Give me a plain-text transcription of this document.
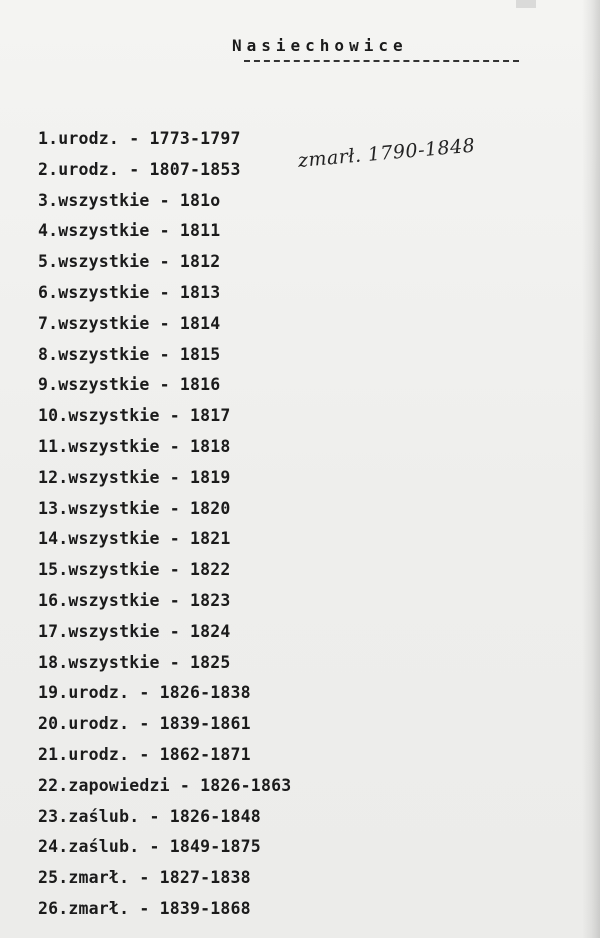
Nasiechowice
1.urodz. - 1773-1797
2.urodz. - 1807-1853
3.wszystkie - 181o
4.wszystkie - 1811
5.wszystkie - 1812
6.wszystkie - 1813
7.wszystkie - 1814
8.wszystkie - 1815
9.wszystkie - 1816
10.wszystkie - 1817
11.wszystkie - 1818
12.wszystkie - 1819
13.wszystkie - 1820
14.wszystkie - 1821
15.wszystkie - 1822
16.wszystkie - 1823
17.wszystkie - 1824
18.wszystkie - 1825
19.urodz. - 1826-1838
20.urodz. - 1839-1861
21.urodz. - 1862-1871
22.zapowiedzi - 1826-1863
23.zaślub. - 1826-1848
24.zaślub. - 1849-1875
25.zmarł. - 1827-1838
26.zmarł. - 1839-1868
zmarł. 1790-1848
